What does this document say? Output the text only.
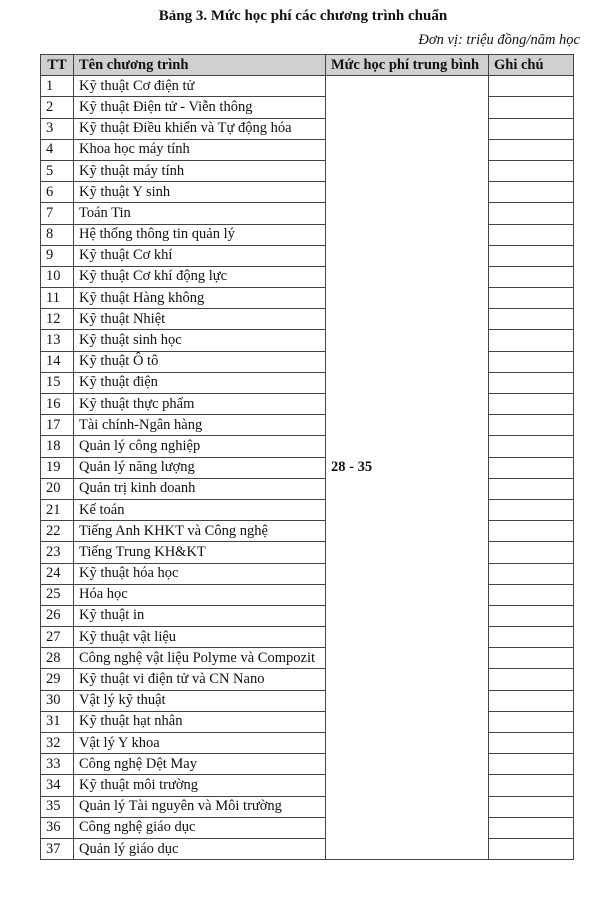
Bảng 3. Mức học phí các chương trình chuẩn
Đơn vị: triệu đồng/năm học
TT	Tên chương trình	Mức học phí trung bình	Ghi chú
1	Kỹ thuật Cơ điện tử	28 - 35	
2	Kỹ thuật Điện tử - Viễn thông		
3	Kỹ thuật Điều khiển và Tự động hóa		
4	Khoa học máy tính		
5	Kỹ thuật máy tính		
6	Kỹ thuật Y sinh		
7	Toán Tin		
8	Hệ thống thông tin quản lý		
9	Kỹ thuật Cơ khí		
10	Kỹ thuật Cơ khí động lực		
11	Kỹ thuật Hàng không		
12	Kỹ thuật Nhiệt		
13	Kỹ thuật sinh học		
14	Kỹ thuật Ô tô		
15	Kỹ thuật điện		
16	Kỹ thuật thực phẩm		
17	Tài chính-Ngân hàng		
18	Quản lý công nghiệp		
19	Quản lý năng lượng		
20	Quản trị kinh doanh		
21	Kế toán		
22	Tiếng Anh KHKT và Công nghệ		
23	Tiếng Trung KH&KT		
24	Kỹ thuật hóa học		
25	Hóa học		
26	Kỹ thuật in		
27	Kỹ thuật vật liệu		
28	Công nghệ vật liệu Polyme và Compozit		
29	Kỹ thuật vi điện tử và CN Nano		
30	Vật lý kỹ thuật		
31	Kỹ thuật hạt nhân		
32	Vật lý Y khoa		
33	Công nghệ Dệt May		
34	Kỹ thuật môi trường		
35	Quản lý Tài nguyên và Môi trường		
36	Công nghệ giáo dục		
37	Quản lý giáo dục		
